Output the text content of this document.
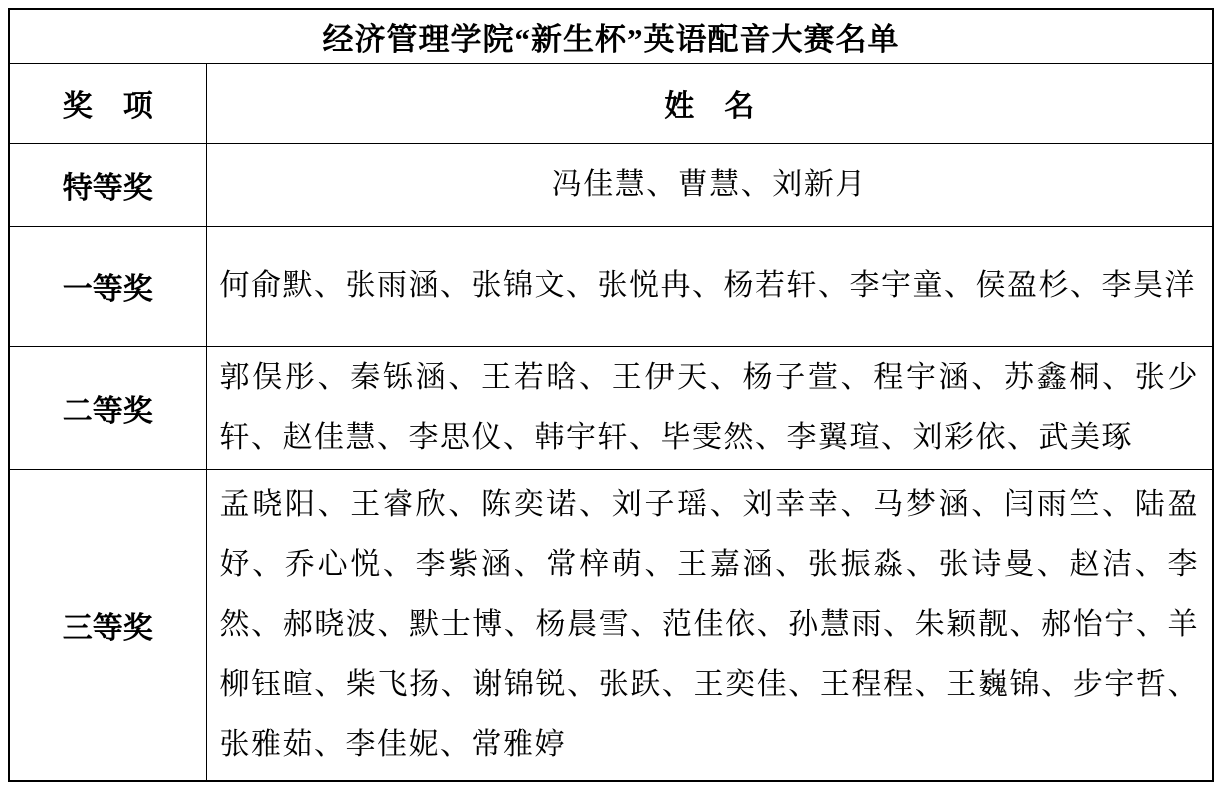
经济管理学院“新生杯”英语配音大赛名单	
奖　项	姓　名
特等奖	冯佳慧、曹慧、刘新月
一等奖	何俞默、张雨涵、张锦文、张悦冉、杨若轩、李宇童、侯盈杉、李昊洋
二等奖	郭俣彤、秦铄涵、王若晗、王伊天、杨子萱、程宇涵、苏鑫桐、张少轩、赵佳慧、李思仪、韩宇轩、毕雯然、李翼瑄、刘彩依、武美琢
三等奖	孟晓阳、王睿欣、陈奕诺、刘子瑶、刘幸幸、马梦涵、闫雨竺、陆盈妤、乔心悦、李紫涵、常梓萌、王嘉涵、张振淼、张诗曼、赵洁、李然、郝晓波、默士博、杨晨雪、范佳依、孙慧雨、朱颖靓、郝怡宁、羊柳钰暄、柴飞扬、谢锦锐、张跃、王奕佳、王程程、王巍锦、步宇哲、张雅茹、李佳妮、常雅婷
